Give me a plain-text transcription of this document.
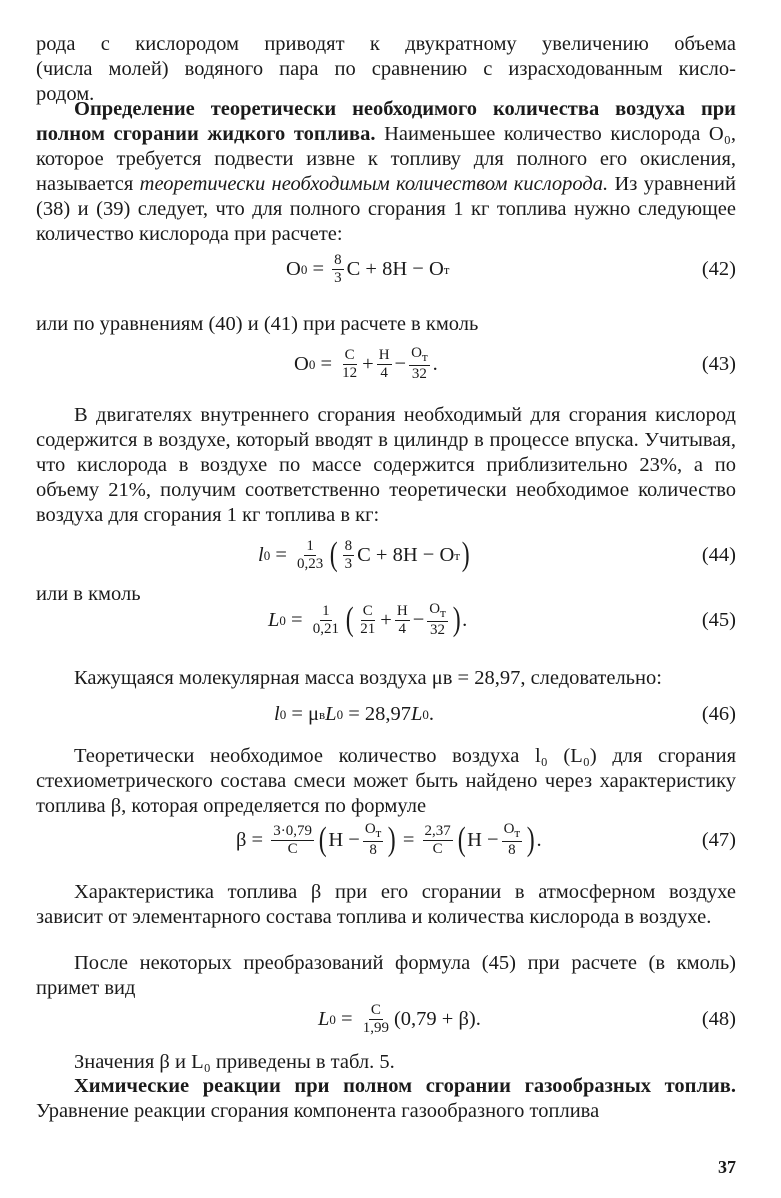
рода с кислородом приводят к двукратному увеличению объема
(числа молей) водяного пара по сравнению с израсходованным кисло-
родом.

Определение теоретически необходимого количества воздуха при полном сгорании жидкого топлива. Наименьшее количество кислорода O₀, которое требуется подвести извне к топливу для полного его окисления, называется теоретически необходимым количеством кислорода. Из уравнений (38) и (39) следует, что для полного сгорания 1 кг топлива нужно следующее количество кислорода при расчете:

O $0 = \frac{8}{3}$ C + 8H − O т	(42)

или по уравнениям (40) и (41) при расчете в кмоль

O $0 = \frac{C}{12} + \frac{H}{4} - \frac{O_т}{32}$ .	(43)

В двигателях внутреннего сгорания необходимый для сгорания кислород содержится в воздухе, который вводят в цилиндр в процессе впуска. Учитывая, что кислорода в воздухе по массе содержится приблизительно 23%, а по объему 21%, получим соответственно теоретически необходимое количество воздуха для сгорания 1 кг топлива в кг:

l $0 = \frac{1}{0,23}$ ( $\frac{8}{3}$ C + 8H − O т )	(44)

или в кмоль

L $0 = \frac{1}{0,21}$ ( $\frac{C}{21} + \frac{H}{4} - \frac{O_т}{32}$ ) .	(45)

Кажущаяся молекулярная масса воздуха μв = 28,97, следовательно:

l 0 = μ в L 0 = 28,97 L 0 .	(46)

Теоретически необходимое количество воздуха l₀ (L₀) для сгорания стехиометрического состава смеси может быть найдено через характеристику топлива β, которая определяется по формуле

$\beta = \frac{3\cdot 0,79}{C}$ ( $H - \frac{O_т}{8}$ ) = $\frac{2,37}{C}$ ( $H - \frac{O_т}{8}$ ) .	(47)

Характеристика топлива β при его сгорании в атмосферном воздухе зависит от элементарного состава топлива и количества кислорода в воздухе.

После некоторых преобразований формула (45) при расчете (в кмоль) примет вид

L $0 = \frac{C}{1,99} (0,79 + \beta)$.	(48)

Значения β и L₀ приведены в табл. 5.

Химические реакции при полном сгорании газообразных топлив. Уравнение реакции сгорания компонента газообразного топлива

37
